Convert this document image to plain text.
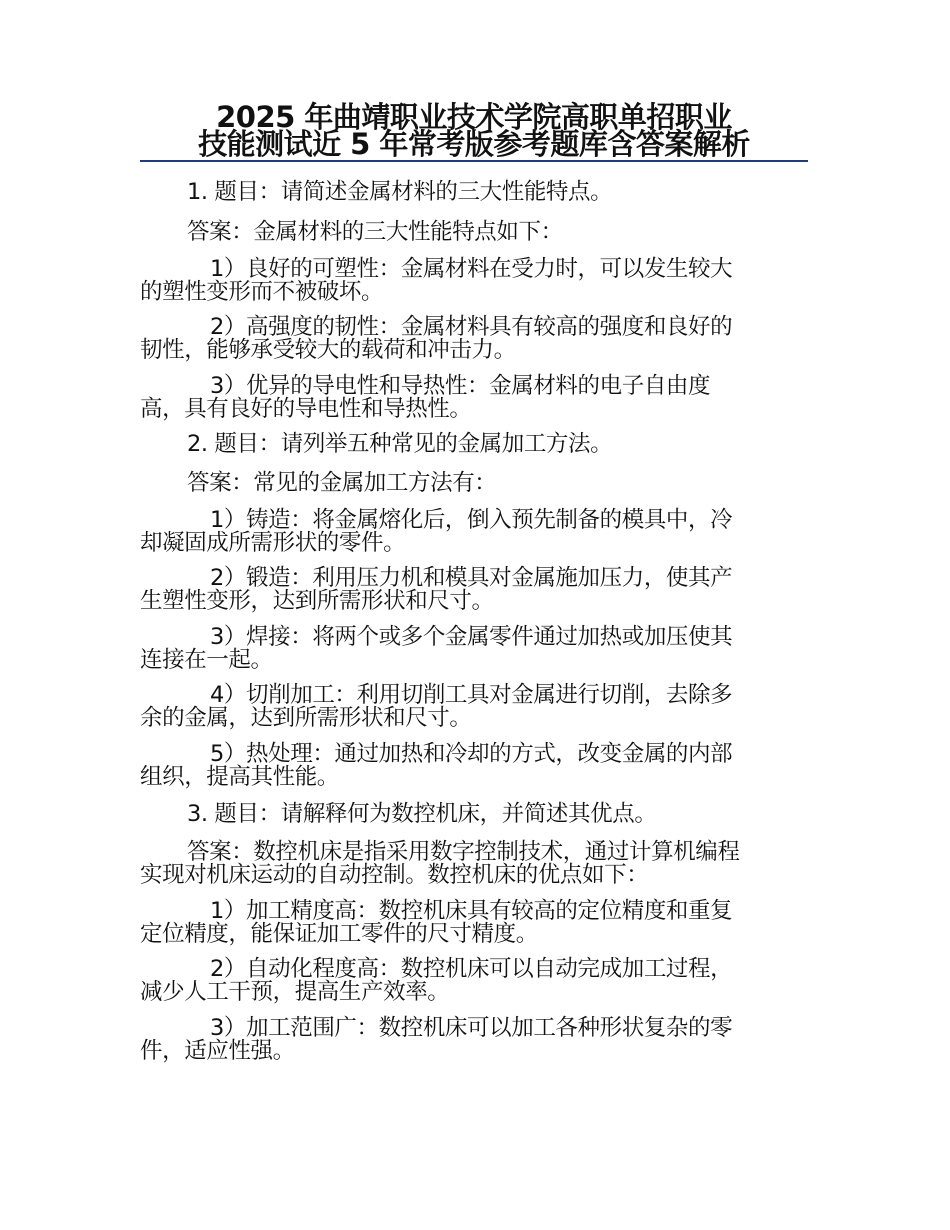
2025 年曲靖职业技术学院高职单招职业
技能测试近 5 年常考版参考题库含答案解析

1. 题目：请简述金属材料的三大性能特点。

答案：金属材料的三大性能特点如下：

1）良好的可塑性：金属材料在受力时，可以发生较大
的塑性变形而不被破坏。

2）高强度的韧性：金属材料具有较高的强度和良好的
韧性，能够承受较大的载荷和冲击力。

3）优异的导电性和导热性：金属材料的电子自由度
高，具有良好的导电性和导热性。

2. 题目：请列举五种常见的金属加工方法。

答案：常见的金属加工方法有：

1）铸造：将金属熔化后，倒入预先制备的模具中，冷
却凝固成所需形状的零件。

2）锻造：利用压力机和模具对金属施加压力，使其产
生塑性变形，达到所需形状和尺寸。

3）焊接：将两个或多个金属零件通过加热或加压使其
连接在一起。

4）切削加工：利用切削工具对金属进行切削，去除多
余的金属，达到所需形状和尺寸。

5）热处理：通过加热和冷却的方式，改变金属的内部
组织，提高其性能。

3. 题目：请解释何为数控机床，并简述其优点。

答案：数控机床是指采用数字控制技术，通过计算机编程
实现对机床运动的自动控制。数控机床的优点如下：

1）加工精度高：数控机床具有较高的定位精度和重复
定位精度，能保证加工零件的尺寸精度。

2）自动化程度高：数控机床可以自动完成加工过程，
减少人工干预，提高生产效率。

3）加工范围广：数控机床可以加工各种形状复杂的零
件，适应性强。
